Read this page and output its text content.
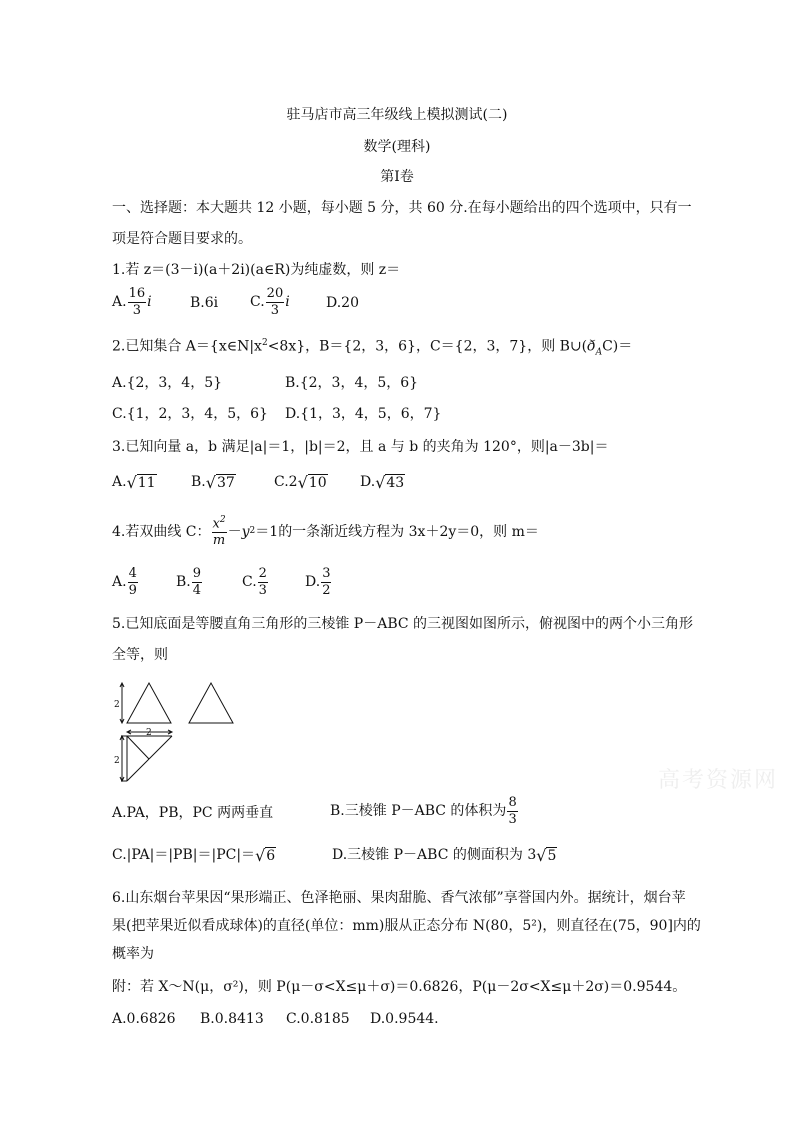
驻马店市高三年级线上模拟测试(二)
数学(理科)
第Ⅰ卷
一、选择题：本大题共 12 小题，每小题 5 分，共 60 分.在每小题给出的四个选项中，只有一
项是符合题目要求的。
1.若 z＝(3－i)(a＋2i)(a∈R)为纯虚数，则 z＝
A. $\frac{16}{3}$ i	B.6i C. $\frac{20}{3}$ i	D.20
2.已知集合 $A=\{x\in N|x^2<8x\}$，B＝{2，3，6}，C＝{2，3，7}，则 $B\cup(ð_AC)=$
A.{2，3，4，5}	B.{2，3，4，5，6}
C.{1，2，3，4，5，6} D.{1，3，4，5，6，7}
3.已知向量 a，b 满足|a|＝1，|b|＝2，且 a 与 b 的夹角为 120°，则|a－3b|＝
A. √ 11	B. √ 37	C. 2 √ 10 D. √ 43
4.若双曲线 C： $\frac{x^2}{m} - y$ 2 ＝1 的一条渐近线方程为 3x＋2y＝0，则 m＝
A. $\frac{4}{9}$	B. $\frac{9}{4}$	C. $\frac{2}{3}$	D. $\frac{3}{2}$
5.已知底面是等腰直角三角形的三棱锥 P－ABC 的三视图如图所示，俯视图中的两个小三角形
全等，则
2
2
2
A.PA，PB，PC 两两垂直	B.三棱锥 P－ABC 的体积为 $\frac{8}{3}$
C.|PA|＝|PB|＝|PC|＝ √ 6	D.三棱锥 P－ABC 的侧面积为 3 √ 5
6.山东烟台苹果因“果形端正、色泽艳丽、果肉甜脆、香气浓郁”享誉国内外。据统计，烟台苹
果(把苹果近似看成球体)的直径(单位：mm)服从正态分布 N(80，5²)，则直径在(75，90]内的
概率为
附：若 X～N(μ，σ²)，则 P(μ－σ<X≤μ＋σ)＝0.6826，P(μ－2σ<X≤μ＋2σ)＝0.9544。
A.0.6826 B.0.8413 C.0.8185 D.0.9544.
高考资源网
